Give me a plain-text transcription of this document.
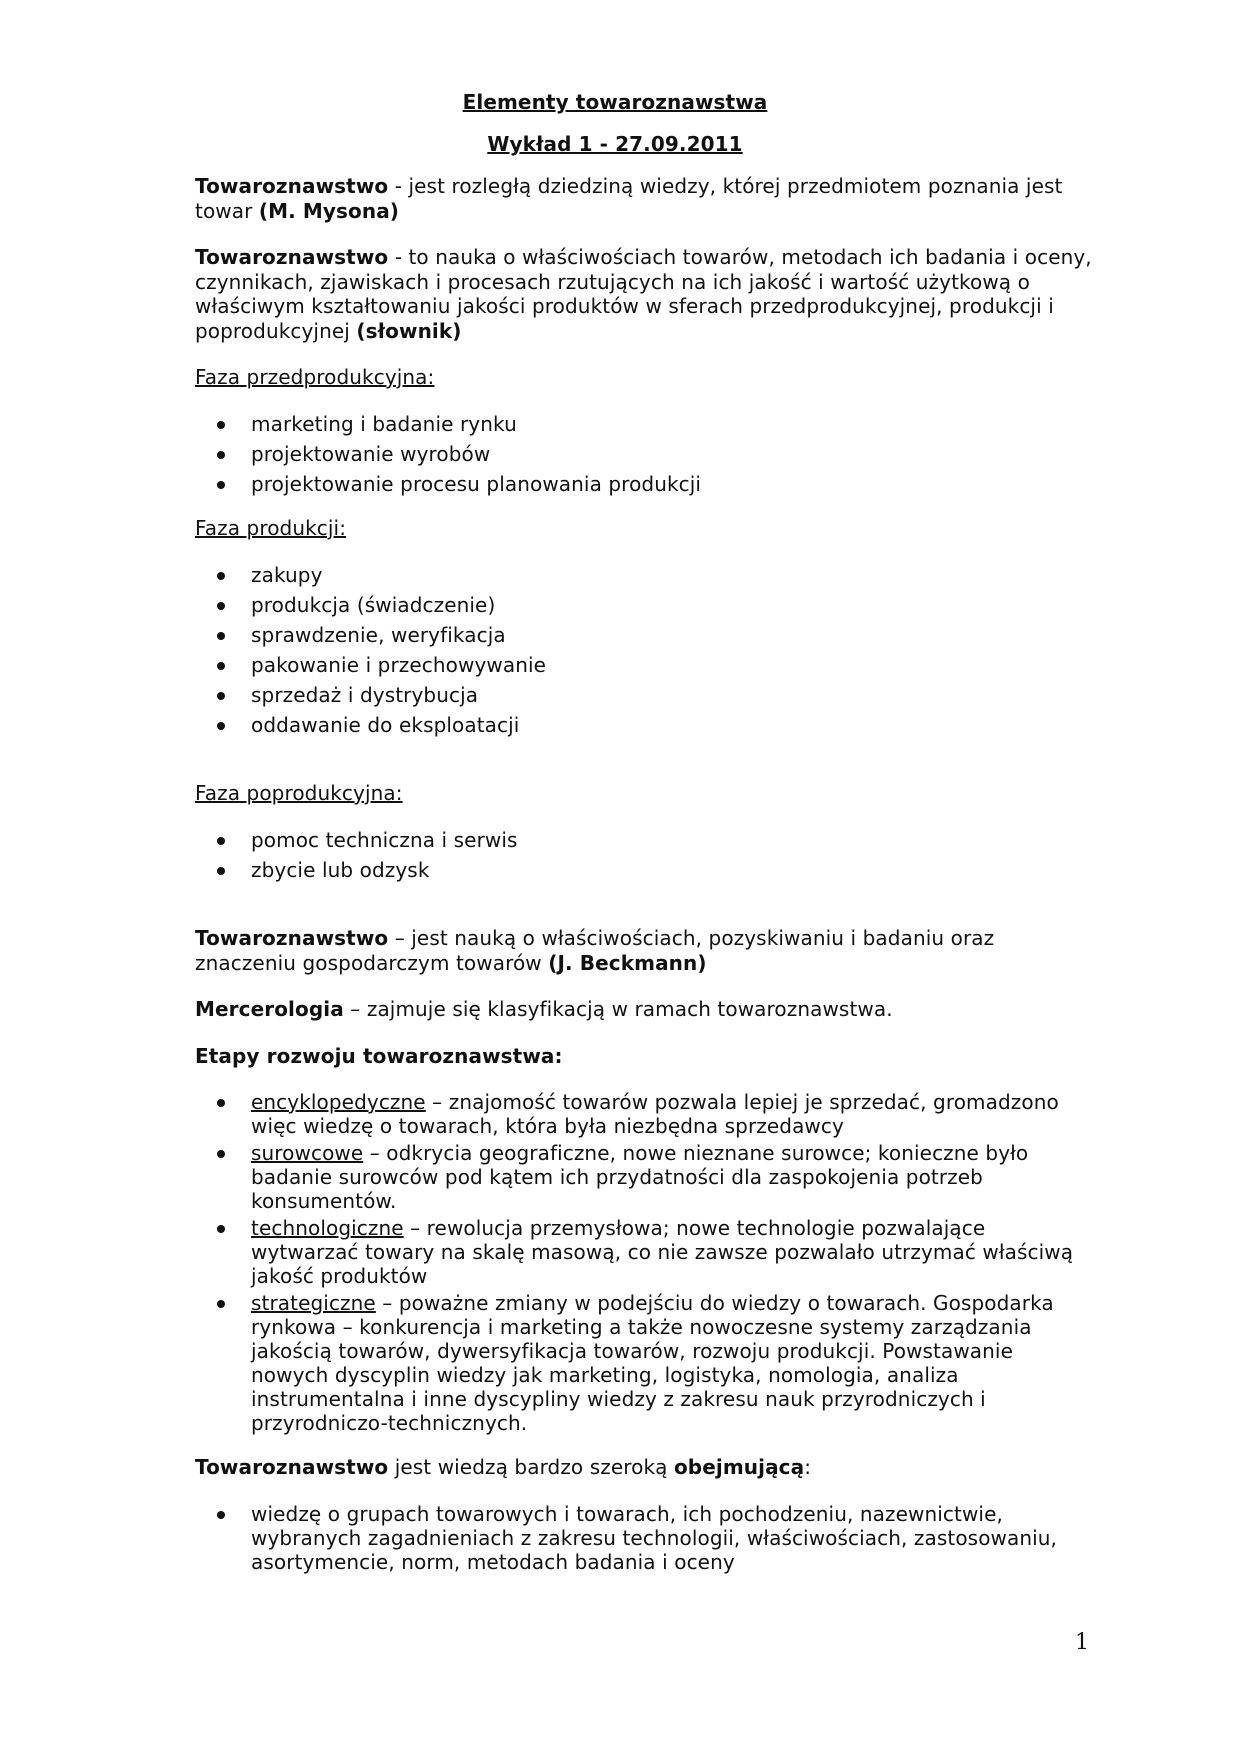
Elementy towaroznawstwa
Wykład 1 - 27.09.2011

Towaroznawstwo - jest rozległą dziedziną wiedzy, której przedmiotem poznania jest towar (M. Mysona)

Towaroznawstwo - to nauka o właściwościach towarów, metodach ich badania i oceny, czynnikach, zjawiskach i procesach rzutujących na ich jakość i wartość użytkową o właściwym kształtowaniu jakości produktów w sferach przedprodukcyjnej, produkcji i poprodukcyjnej (słownik)

Faza przedprodukcyjna:
marketing i badanie rynku
projektowanie wyrobów
projektowanie procesu planowania produkcji
Faza produkcji:
zakupy
produkcja (świadczenie)
sprawdzenie, weryfikacja
pakowanie i przechowywanie
sprzedaż i dystrybucja
oddawanie do eksploatacji
Faza poprodukcyjna:
pomoc techniczna i serwis
zbycie lub odzysk

Towaroznawstwo – jest nauką o właściwościach, pozyskiwaniu i badaniu oraz znaczeniu gospodarczym towarów (J. Beckmann)

Mercerologia – zajmuje się klasyfikacją w ramach towaroznawstwa.

Etapy rozwoju towaroznawstwa:

encyklopedyczne – znajomość towarów pozwala lepiej je sprzedać, gromadzono więc wiedzę o towarach, która była niezbędna sprzedawcy
surowcowe – odkrycia geograficzne, nowe nieznane surowce; konieczne było badanie surowców pod kątem ich przydatności dla zaspokojenia potrzeb konsumentów.
technologiczne – rewolucja przemysłowa; nowe technologie pozwalające wytwarzać towary na skalę masową, co nie zawsze pozwalało utrzymać właściwą jakość produktów
strategiczne – poważne zmiany w podejściu do wiedzy o towarach. Gospodarka rynkowa – konkurencja i marketing a także nowoczesne systemy zarządzania jakością towarów, dywersyfikacja towarów, rozwoju produkcji. Powstawanie nowych dyscyplin wiedzy jak marketing, logistyka, nomologia, analiza instrumentalna i inne dyscypliny wiedzy z zakresu nauk przyrodniczych i przyrodniczo-technicznych.

Towaroznawstwo jest wiedzą bardzo szeroką obejmującą:

wiedzę o grupach towarowych i towarach, ich pochodzeniu, nazewnictwie, wybranych zagadnieniach z zakresu technologii, właściwościach, zastosowaniu, asortymencie, norm, metodach badania i oceny
1
